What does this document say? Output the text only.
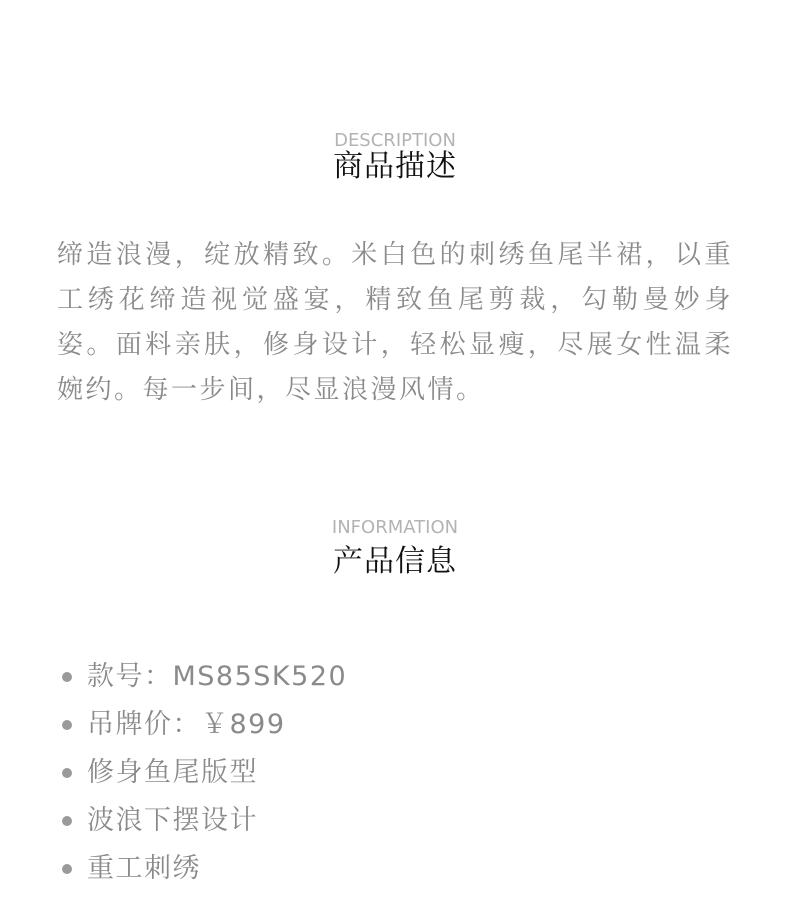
DESCRIPTION
商品描述
缔造浪漫，绽放精致。米白色的刺绣鱼尾半裙，以重工绣花缔造视觉盛宴，精致鱼尾剪裁，勾勒曼妙身姿。面料亲肤，修身设计，轻松显瘦，尽展女性温柔婉约。每一步间，尽显浪漫风情。
INFORMATION
产品信息
款号：MS85SK520
吊牌价：￥899
修身鱼尾版型
波浪下摆设计
重工刺绣
